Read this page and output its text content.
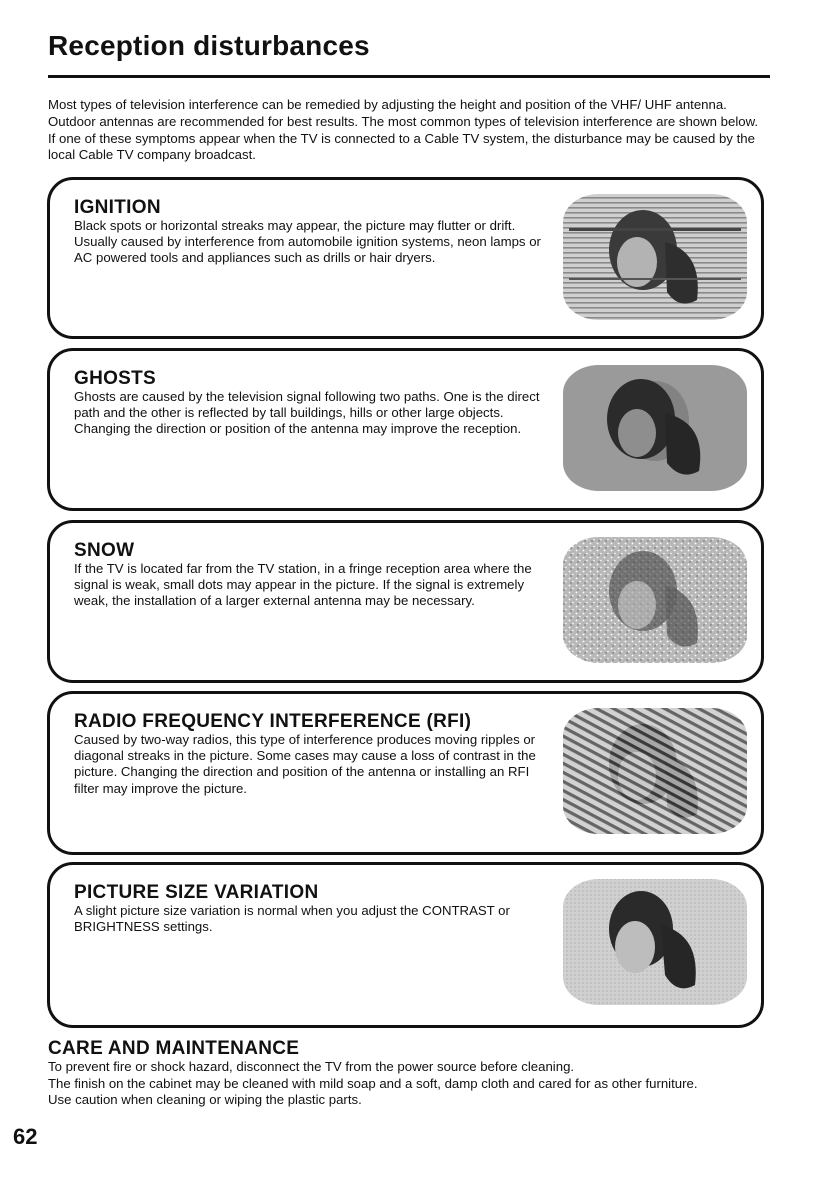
Reception disturbances

Most types of television interference can be remedied by adjusting the height and position of the VHF/ UHF antenna. Outdoor antennas are recommended for best results. The most common types of television interference are shown below. If one of these symptoms appear when the TV is connected to a Cable TV system, the disturbance may be caused by the local Cable TV company broadcast.

IGNITION

Black spots or horizontal streaks may appear, the picture may flutter or drift. Usually caused by interference from automobile ignition systems, neon lamps or AC powered tools and appliances such as drills or hair dryers.

GHOSTS

Ghosts are caused by the television signal following two paths. One is the direct path and the other is reflected by tall buildings, hills or other large objects. Changing the direction or position of the antenna may improve the reception.

SNOW

If the TV is located far from the TV station, in a fringe reception area where the signal is weak, small dots may appear in the picture. If the signal is extremely weak, the installation of a larger external antenna may be necessary.

RADIO FREQUENCY INTERFERENCE (RFI)

Caused by two-way radios, this type of interference produces moving ripples or diagonal streaks in the picture. Some cases may cause a loss of contrast in the picture. Changing the direction and position of the antenna or installing an RFI filter may improve the picture.

PICTURE SIZE VARIATION

A slight picture size variation is normal when you adjust the CONTRAST or BRIGHTNESS settings.

CARE AND MAINTENANCE

To prevent fire or shock hazard, disconnect the TV from the power source before cleaning.
The finish on the cabinet may be cleaned with mild soap and a soft, damp cloth and cared for as other furniture.
Use caution when cleaning or wiping the plastic parts.

62
